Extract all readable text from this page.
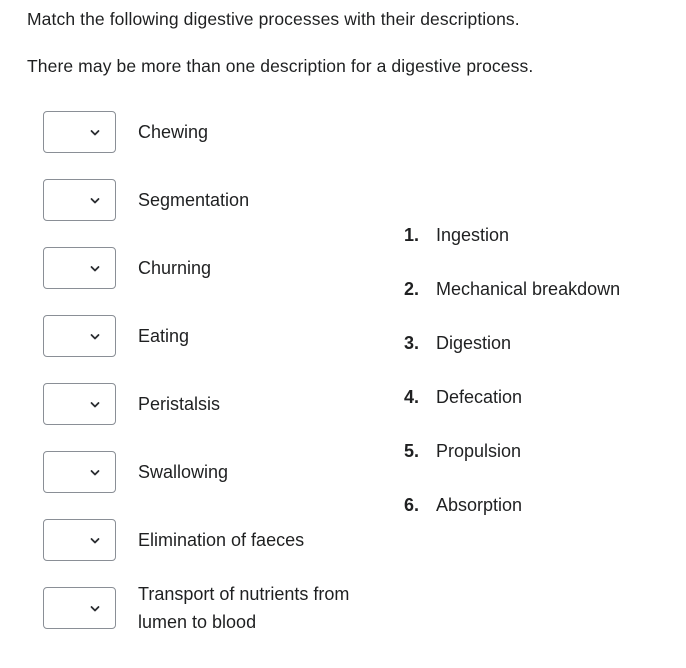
Match the following digestive processes with their descriptions.
There may be more than one description for a digestive process.
Chewing
Segmentation
Churning
Eating
Peristalsis
Swallowing
Elimination of faeces
Transport of nutrients from lumen to blood
1. Ingestion
2. Mechanical breakdown
3. Digestion
4. Defecation
5. Propulsion
6. Absorption
